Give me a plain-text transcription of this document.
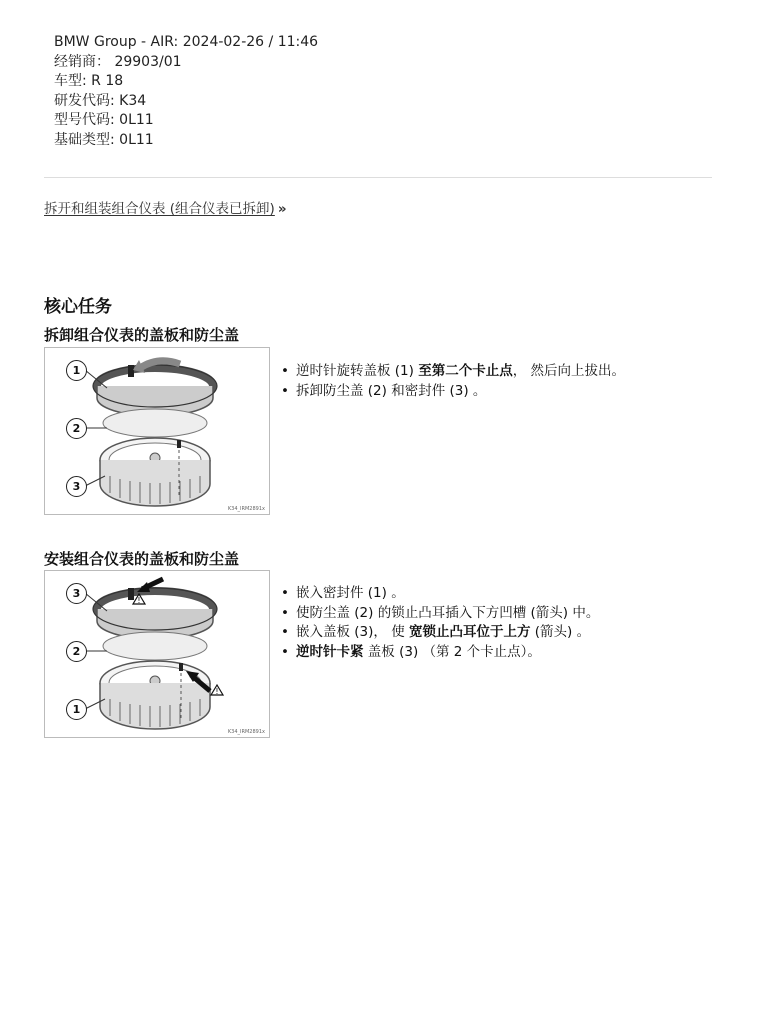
BMW Group - AIR: 2024-02-26 / 11:46
经销商： 29903/01
车型: R 18
研发代码: K34
型号代码: 0L11
基础类型: 0L11
拆开和组装组合仪表 (组合仪表已拆卸) »
核心任务
拆卸组合仪表的盖板和防尘盖
1
2
3
K34_IRM2891x
• 逆时针旋转盖板 (1) 至第二个卡止点， 然后向上拔出。
• 拆卸防尘盖 (2) 和密封件 (3) 。
安装组合仪表的盖板和防尘盖
!
!
3
2
1
K34_IRM2891x
• 嵌入密封件 (1) 。
• 使防尘盖 (2) 的锁止凸耳插入下方凹槽 (箭头) 中。
• 嵌入盖板 (3)， 使 宽锁止凸耳位于上方 (箭头) 。
• 逆时针卡紧 盖板 (3) （第 2 个卡止点）。
